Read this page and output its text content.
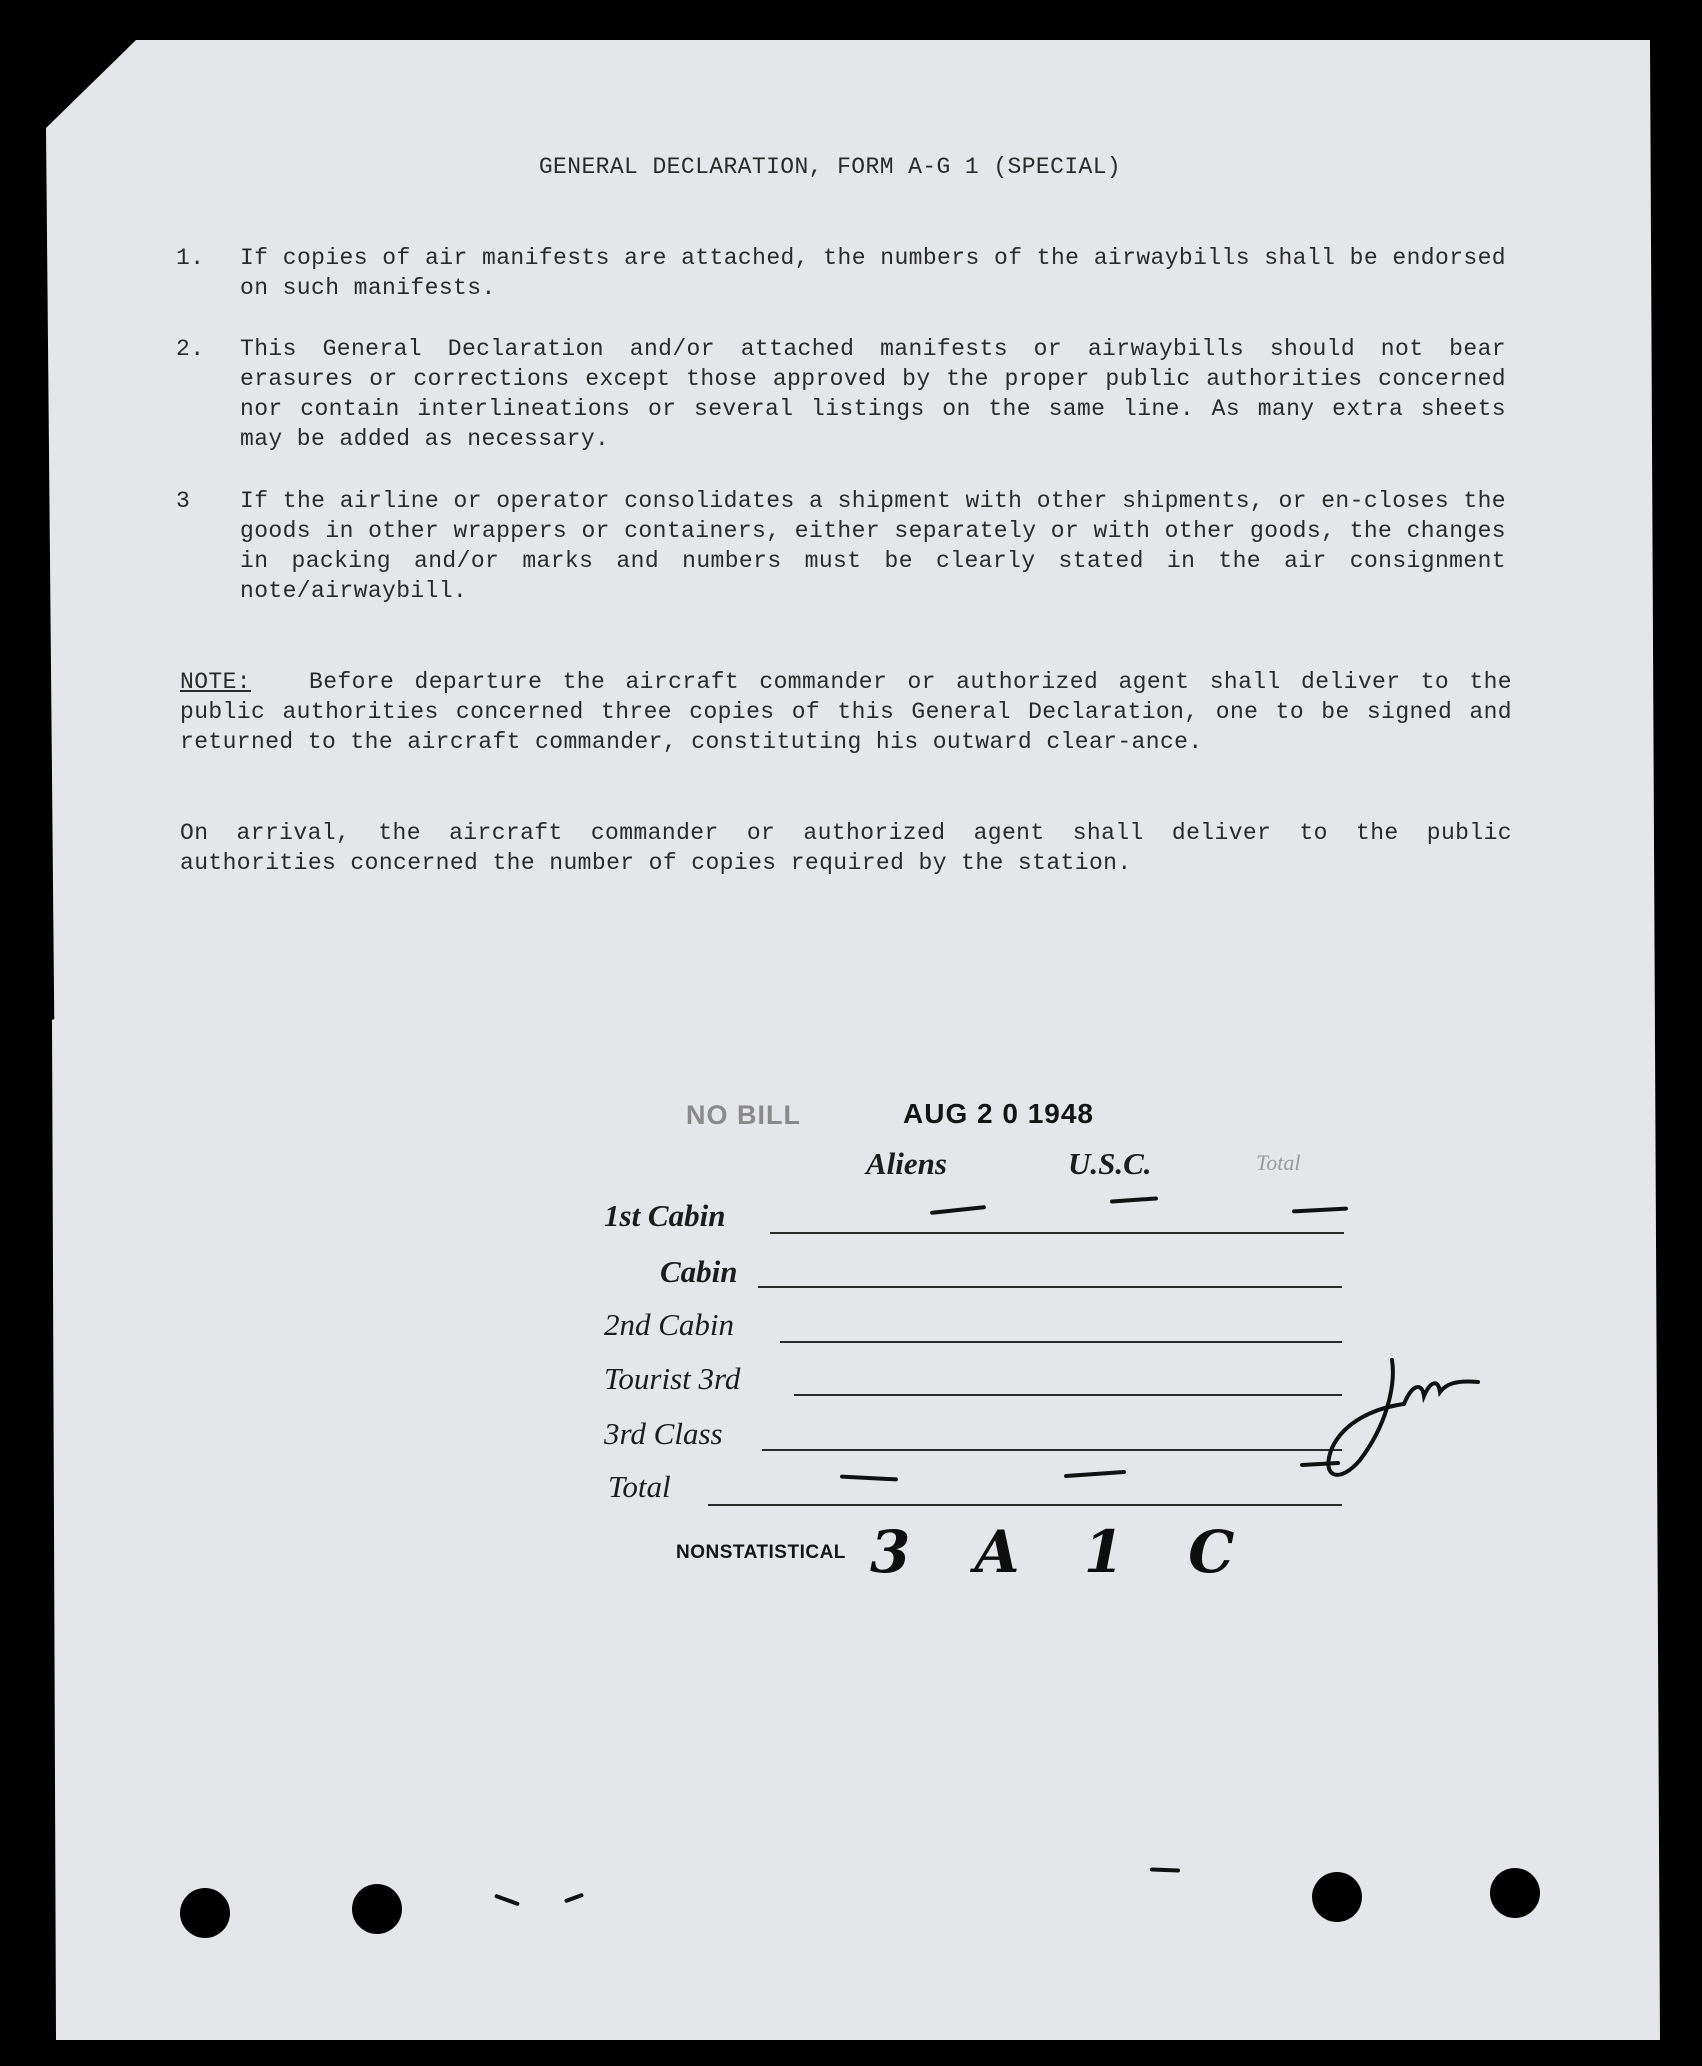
GENERAL DECLARATION, FORM A-G 1 (SPECIAL)
1.	If copies of air manifests are attached, the numbers of the airwaybills shall be endorsed on such manifests.
2.	This General Declaration and/or attached manifests or airwaybills should not bear erasures or corrections except those approved by the proper public authorities concerned nor contain interlineations or several listings on the same line. As many extra sheets may be added as necessary.
3	If the airline or operator consolidates a shipment with other shipments, or en-closes the goods in other wrappers or containers, either separately or with other goods, the changes in packing and/or marks and numbers must be clearly stated in the air consignment note/airwaybill.
NOTE:	Before departure the aircraft commander or authorized agent shall deliver to the public authorities concerned three copies of this General Declaration, one to be signed and returned to the aircraft commander, constituting his outward clear-ance.
On arrival, the aircraft commander or authorized agent shall deliver to the public authorities concerned the number of copies required by the station.
NO BILL	AUG 2 0 1948
Aliens	U.S.C.	Total
1st Cabin
Cabin
2nd Cabin
Tourist 3rd
3rd Class
Total
NONSTATISTICAL 3 A 1 C
